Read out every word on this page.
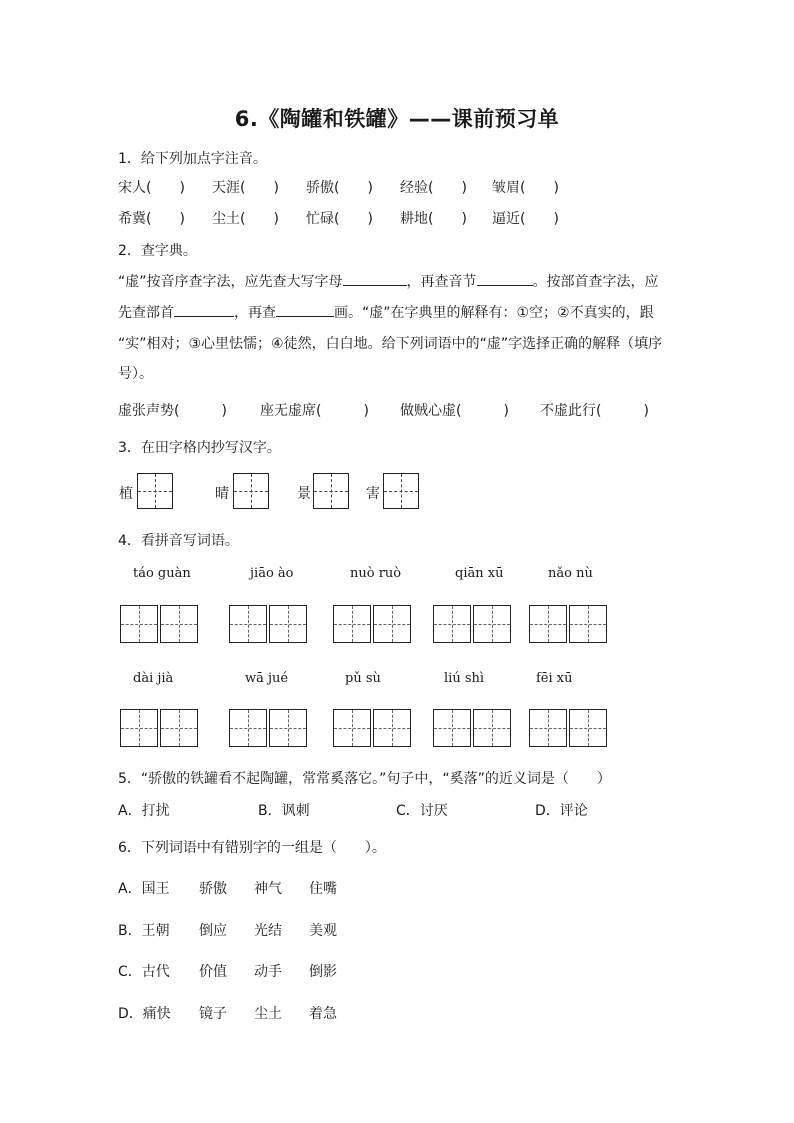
6.《陶罐和铁罐》——课前预习单
1．给下列加点字注音。
宋人(　　) 天涯(　　) 骄傲(　　) 经验(　　) 皱眉(　　)
希冀(　　) 尘土(　　) 忙碌(　　) 耕地(　　) 逼近(　　)
2．查字典。
“虚”按音序查字法，应先查大写字母	，再查音节	。按部首查字法，应
先查部首	，再查	画。“虚”在字典里的解释有：①空；②不真实的，跟
“实”相对；③心里怯懦；④徒然，白白地。给下列词语中的“虚”字选择正确的解释（填序
号）。
虚张声势(　　　) 座无虚席(　　　) 做贼心虚(　　　) 不虚此行(　　　)
3．在田字格内抄写汉字。
植	晴	景	害
4．看拼音写词语。
táo guàn	jiāo ào	nuò ruò	qiān xū	nǎo nù
dài jià	wā jué	pǔ sù	liú shì	fēi xū
5．“骄傲的铁罐看不起陶罐，常常奚落它。”句子中，“奚落”的近义词是（　　）
A．打扰	B．讽刺	C．讨厌	D．评论
6．下列词语中有错别字的一组是（　　）。
A．国王 骄傲 神气 住嘴
B．王朝 倒应 光结 美观
C．古代 价值 动手 倒影
D．痛快 镜子 尘土 着急
